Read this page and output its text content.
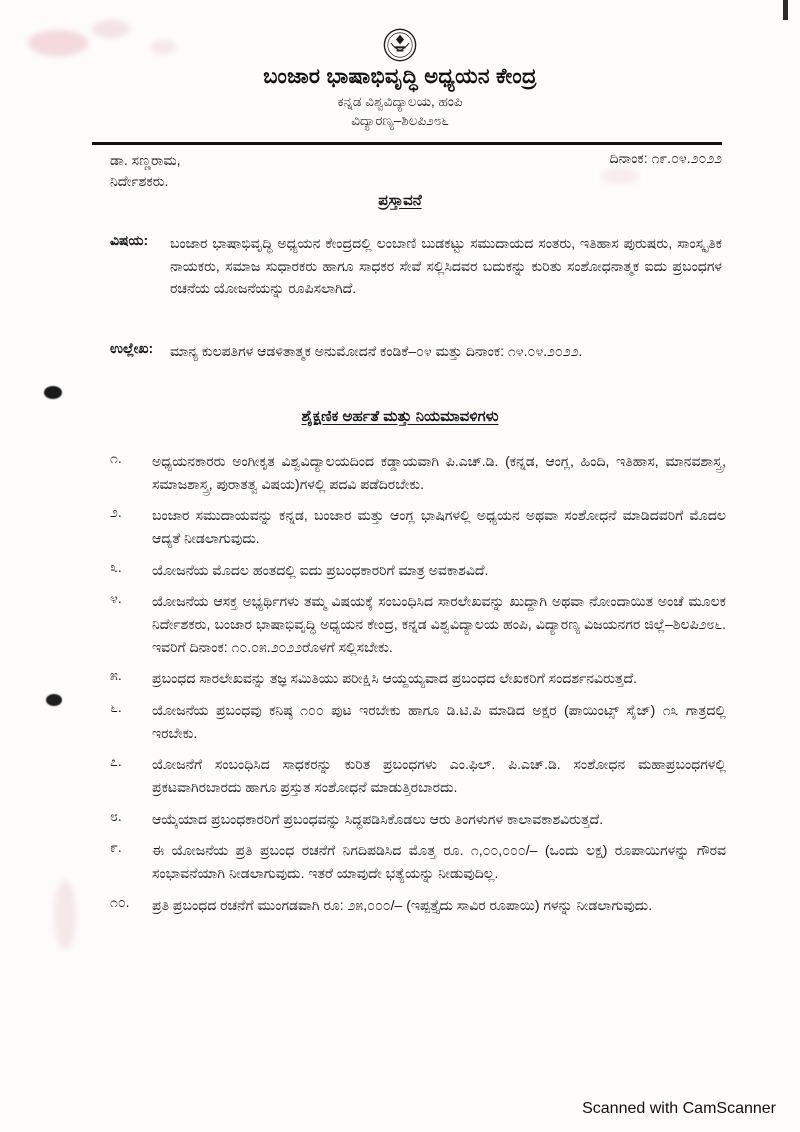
ಬಂಜಾರ ಭಾಷಾಭಿವೃದ್ಧಿ ಅಧ್ಯಯನ ಕೇಂದ್ರ
ಕನ್ನಡ ವಿಶ್ವವಿದ್ಯಾಲಯ, ಹಂಪಿ
ವಿದ್ಯಾರಣ್ಯ–ಶಿ‌ಲ‌ಪಿ೨೮೬
ಡಾ. ಸಣ್ಣರಾಮ,
ನಿರ್ದೇಶಕರು.
ದಿನಾಂಕ: ೧೯.೦೪.೨೦೨೨
ಪ್ರಸ್ತಾವನೆ
ವಿಷಯ:	ಬಂಜಾರ ಭಾಷಾಭಿವೃದ್ಧಿ ಅಧ್ಯಯನ ಕೇಂದ್ರದಲ್ಲಿ ಲಂಬಾಣಿ ಬುಡಕಟ್ಟು ಸಮುದಾಯದ ಸಂತರು, ಇತಿಹಾಸ ಪುರುಷರು, ಸಾಂಸ್ಕೃತಿಕ ನಾಯಕರು, ಸಮಾಜ ಸುಧಾರಕರು ಹಾಗೂ ಸಾಧಕರ ಸೇವೆ ಸಲ್ಲಿಸಿದವರ ಬದುಕನ್ನು ಕುರಿತು ಸಂಶೋಧನಾತ್ಮಕ ಐದು ಪ್ರಬಂಧಗಳ ರಚನೆಯ ಯೋಜನೆಯನ್ನು ರೂಪಿಸಲಾಗಿದೆ.
ಉಲ್ಲೇಖ:	ಮಾನ್ಯ ಕುಲಪತಿಗಳ ಆಡಳಿತಾತ್ಮಕ ಅನುಮೋದನೆ ಕಂಡಿಕೆ–೦೪ ಮತ್ತು ದಿನಾಂಕ: ೧೪.೦೪.೨೦೨೨.
ಶೈಕ್ಷಣಿಕ ಅರ್ಹತೆ ಮತ್ತು ನಿಯಮಾವಳಿಗಳು
೧.	ಅಧ್ಯಯನಕಾರರು ಅಂಗೀಕೃತ ವಿಶ್ವವಿದ್ಯಾಲಯದಿಂದ ಕಡ್ಡಾಯವಾಗಿ ಪಿ.ಎಚ್.ಡಿ. (ಕನ್ನಡ, ಆಂಗ್ಲ, ಹಿಂದಿ, ಇತಿಹಾಸ, ಮಾನವಶಾಸ್ತ್ರ, ಸಮಾಜಶಾಸ್ತ್ರ, ಪುರಾತತ್ವ ವಿಷಯ)ಗಳಲ್ಲಿ ಪದವಿ ಪಡೆದಿರಬೇಕು.
೨.	ಬಂಜಾರ ಸಮುದಾಯವನ್ನು ಕನ್ನಡ, ಬಂಜಾರ ಮತ್ತು ಆಂಗ್ಲ ಭಾಷಿಗಳಲ್ಲಿ ಅಧ್ಯಯನ ಅಥವಾ ಸಂಶೋಧನೆ ಮಾಡಿದವರಿಗೆ ಮೊದಲ ಆದ್ಯತೆ ನೀಡಲಾಗುವುದು.
೩.	ಯೋಜನೆಯ ಮೊದಲ ಹಂತದಲ್ಲಿ ಐದು ಪ್ರಬಂಧಕಾರರಿಗೆ ಮಾತ್ರ ಅವಕಾಶವಿದೆ.
೪.	ಯೋಜನೆಯ ಆಸಕ್ತ ಅಭ್ಯರ್ಥಿಗಳು ತಮ್ಮ ವಿಷಯಕ್ಕೆ ಸಂಬಂಧಿಸಿದ ಸಾರಲೇಖವನ್ನು ಖುದ್ದಾಗಿ ಅಥವಾ ನೋಂದಾಯಿತ ಅಂಚೆ ಮೂಲಕ ನಿರ್ದೇಶಕರು, ಬಂಜಾರ ಭಾಷಾಭಿವೃದ್ಧಿ ಅಧ್ಯಯನ ಕೇಂದ್ರ, ಕನ್ನಡ ವಿಶ್ವವಿದ್ಯಾಲಯ ಹಂಪಿ, ವಿದ್ಯಾರಣ್ಯ ವಿಜಯನಗರ ಜಿಲ್ಲೆ–ಶಿ‌ಲ‌ಪಿ೨೮೬. ಇವರಿಗೆ ದಿನಾಂಕ: ೧೦.೦೫.೨೦೨೨ರೊಳಗೆ ಸಲ್ಲಿಸಬೇಕು.
೫.	ಪ್ರಬಂಧದ ಸಾರಲೇಖವನ್ನು ತಜ್ಞ ಸಮಿತಿಯು ಪರೀಕ್ಷಿಸಿ ಆಯ್ದಯ್ಯವಾದ ಪ್ರಬಂಧದ ಲೇಖಕರಿಗೆ ಸಂದರ್ಶನವಿರುತ್ತದೆ.
೬.	ಯೋಜನೆಯ ಪ್ರಬಂಧವು ಕನಿಷ್ಠ ೧೦೦ ಪುಟ ಇರಬೇಕು ಹಾಗೂ ಡಿ.ಟಿ.ಪಿ ಮಾಡಿದ ಅಕ್ಷರ (ಪಾಯಿಂಟ್ಸ್ ಸೈಜ್) ೧೩ ಗಾತ್ರದಲ್ಲಿ ಇರಬೇಕು.
೭.	ಯೋಜನೆಗೆ ಸಂಬಂಧಿಸಿದ ಸಾಧಕರನ್ನು ಕುರಿತ ಪ್ರಬಂಧಗಳು ಎಂ.ಫಿಲ್. ಪಿ.ಎಚ್.ಡಿ. ಸಂಶೋಧನ ಮಹಾಪ್ರಬಂಧಗಳಲ್ಲಿ ಪ್ರಕಟವಾಗಿರಬಾರದು ಹಾಗೂ ಪ್ರಸ್ತುತ ಸಂಶೋಧನೆ ಮಾಡುತ್ತಿರಬಾರದು.
೮.	ಆಯ್ಕೆಯಾದ ಪ್ರಬಂಧಕಾರರಿಗೆ ಪ್ರಬಂಧವನ್ನು ಸಿದ್ಧಪಡಿಸಿಕೊಡಲು ಆರು ತಿಂಗಳುಗಳ ಕಾಲಾವಕಾಶವಿರುತ್ತದೆ.
೯.	ಈ ಯೋಜನೆಯ ಪ್ರತಿ ಪ್ರಬಂಧ ರಚನೆಗೆ ನಿಗದಿಪಡಿಸಿದ ಮೊತ್ತ ರೂ. ೧,೦೦,೦೦೦/– (ಒಂದು ಲಕ್ಷ) ರೂಪಾಯಿಗಳನ್ನು ಗೌರವ ಸಂಭಾವನೆಯಾಗಿ ನೀಡಲಾಗುವುದು. ಇತರೆ ಯಾವುದೇ ಭತ್ಯೆಯನ್ನು ನೀಡುವುದಿಲ್ಲ.
೧೦.	ಪ್ರತಿ ಪ್ರಬಂಧದ ರಚನೆಗೆ ಮುಂಗಡವಾಗಿ ರೂ: ೨೫,೦೦೦/– (ಇಪ್ಪತ್ತೈದು ಸಾವಿರ ರೂಪಾಯಿ) ಗಳನ್ನು ನೀಡಲಾಗುವುದು.
Scanned with CamScanner
